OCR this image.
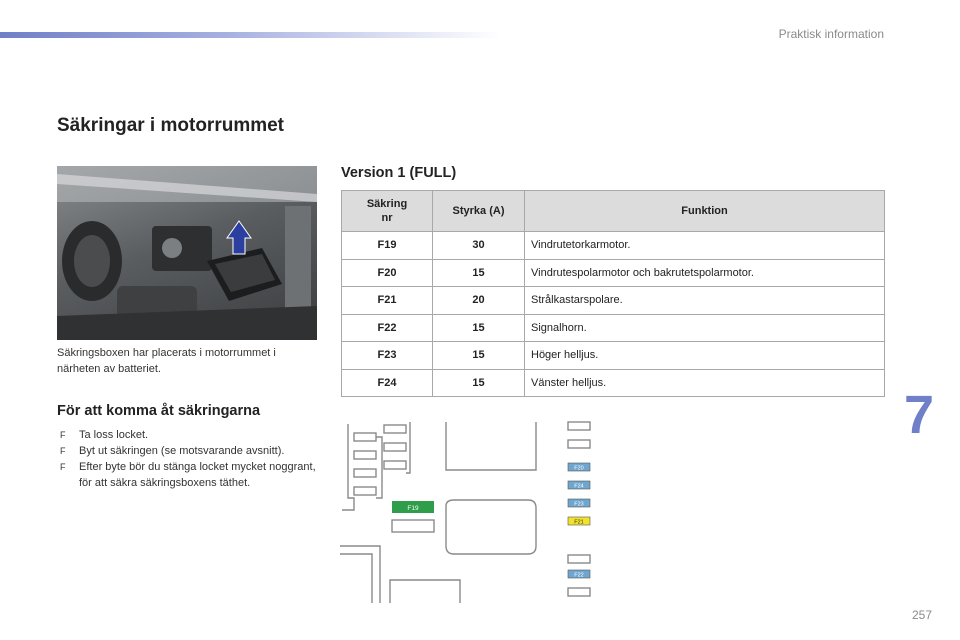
Praktisk information
Säkringar i motorrummet
Säkringsboxen har placerats i motorrummet i närheten av batteriet.
För att komma åt säkringarna
F Ta loss locket.
F Byt ut säkringen (se motsvarande avsnitt).
F Efter byte bör du stänga locket mycket noggrant, för att säkra säkringsboxens täthet.
Version 1 (FULL)
Säkring nr	Styrka (A)	Funktion
F19	30	Vindrutetorkarmotor.
F20	15	Vindrutespolarmotor och bakrutetspolarmotor.
F21	20	Strålkastarspolare.
F22	15	Signalhorn.
F23	15	Höger helljus.
F24	15	Vänster helljus.
F19
F20
F24
F23
F21
F22
7
257
